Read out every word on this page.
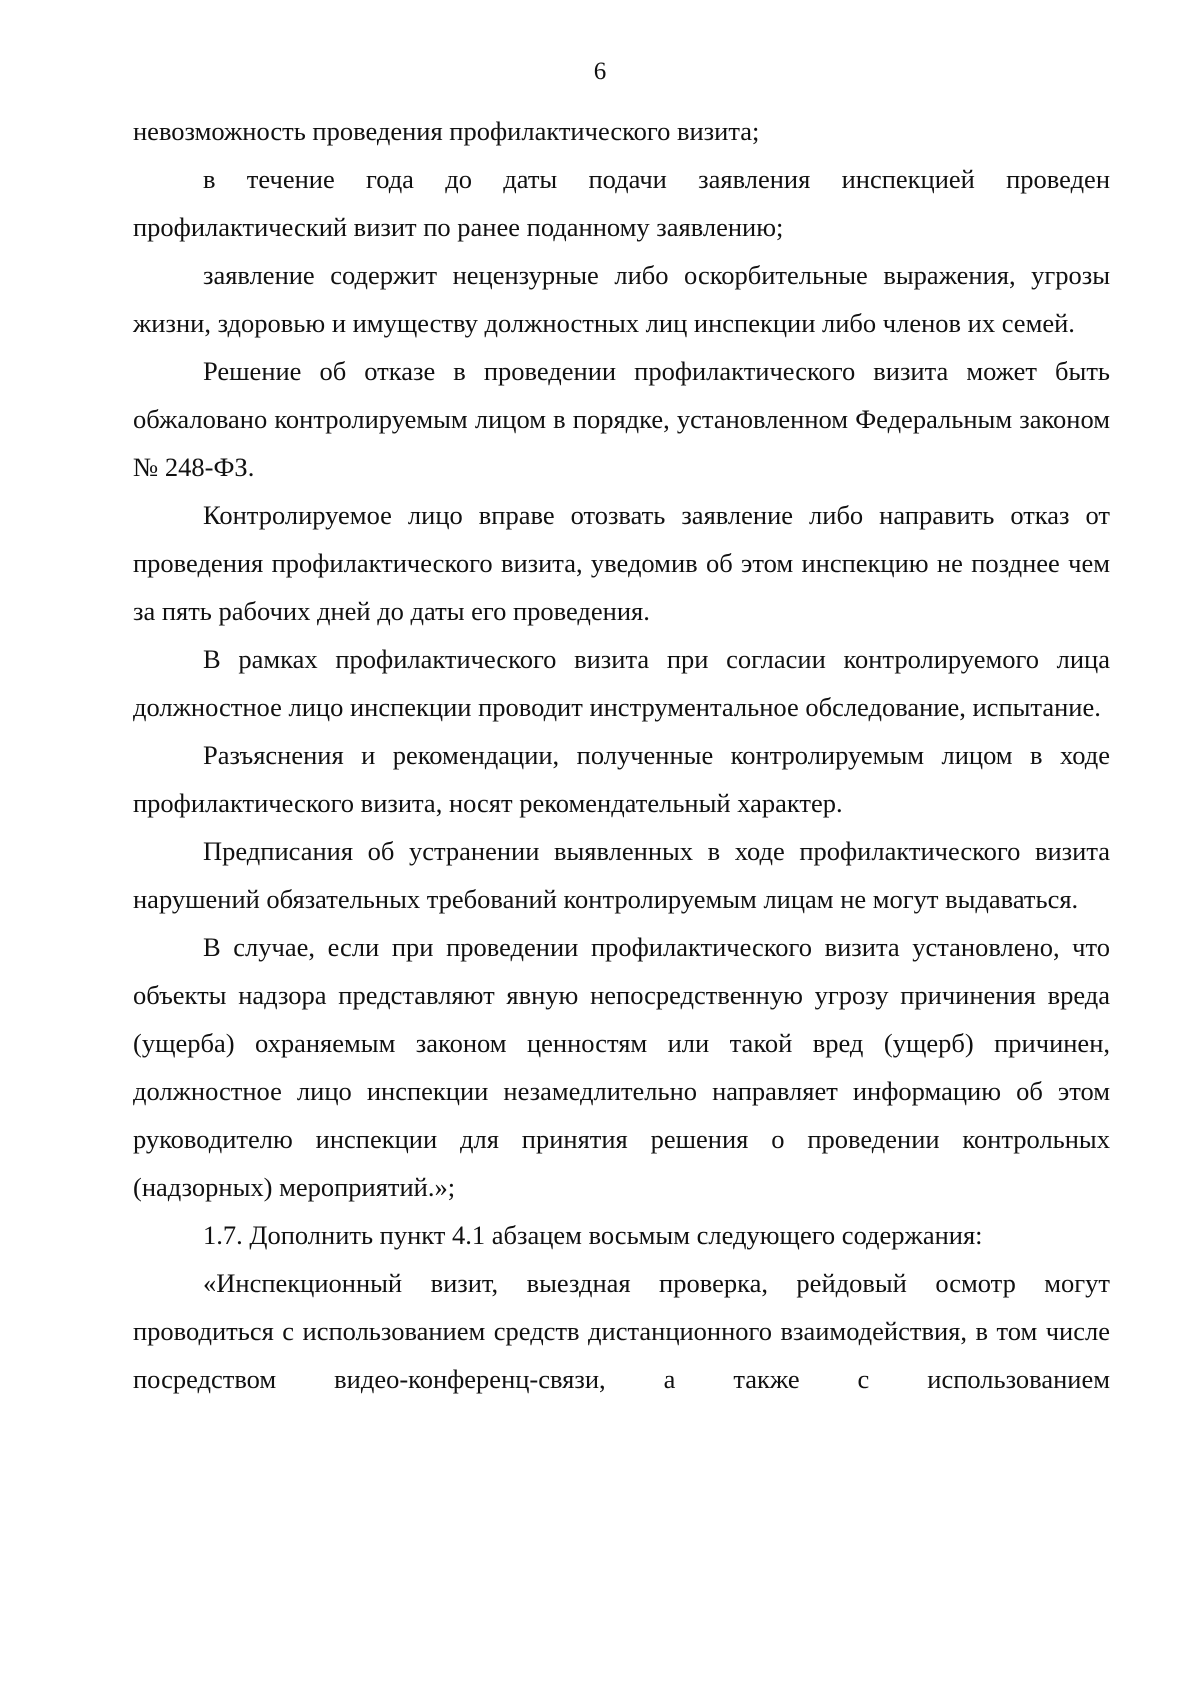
6

невозможность проведения профилактического визита;

в течение года до даты подачи заявления инспекцией проведен профилактический визит по ранее поданному заявлению;

заявление содержит нецензурные либо оскорбительные выражения, угрозы жизни, здоровью и имуществу должностных лиц инспекции либо членов их семей.

Решение об отказе в проведении профилактического визита может быть обжаловано контролируемым лицом в порядке, установленном Федеральным законом № 248-ФЗ.

Контролируемое лицо вправе отозвать заявление либо направить отказ от проведения профилактического визита, уведомив об этом инспекцию не позднее чем за пять рабочих дней до даты его проведения.

В рамках профилактического визита при согласии контролируемого лица должностное лицо инспекции проводит инструментальное обследование, испытание.

Разъяснения и рекомендации, полученные контролируемым лицом в ходе профилактического визита, носят рекомендательный характер.

Предписания об устранении выявленных в ходе профилактического визита нарушений обязательных требований контролируемым лицам не могут выдаваться.

В случае, если при проведении профилактического визита установлено, что объекты надзора представляют явную непосредственную угрозу причинения вреда (ущерба) охраняемым законом ценностям или такой вред (ущерб) причинен, должностное лицо инспекции незамедлительно направляет информацию об этом руководителю инспекции для принятия решения о проведении контрольных (надзорных) мероприятий.»;

1.7. Дополнить пункт 4.1 абзацем восьмым следующего содержания:

«Инспекционный визит, выездная проверка, рейдовый осмотр могут проводиться с использованием средств дистанционного взаимодействия, в том числе посредством видео-конференц-связи, а также с использованием
